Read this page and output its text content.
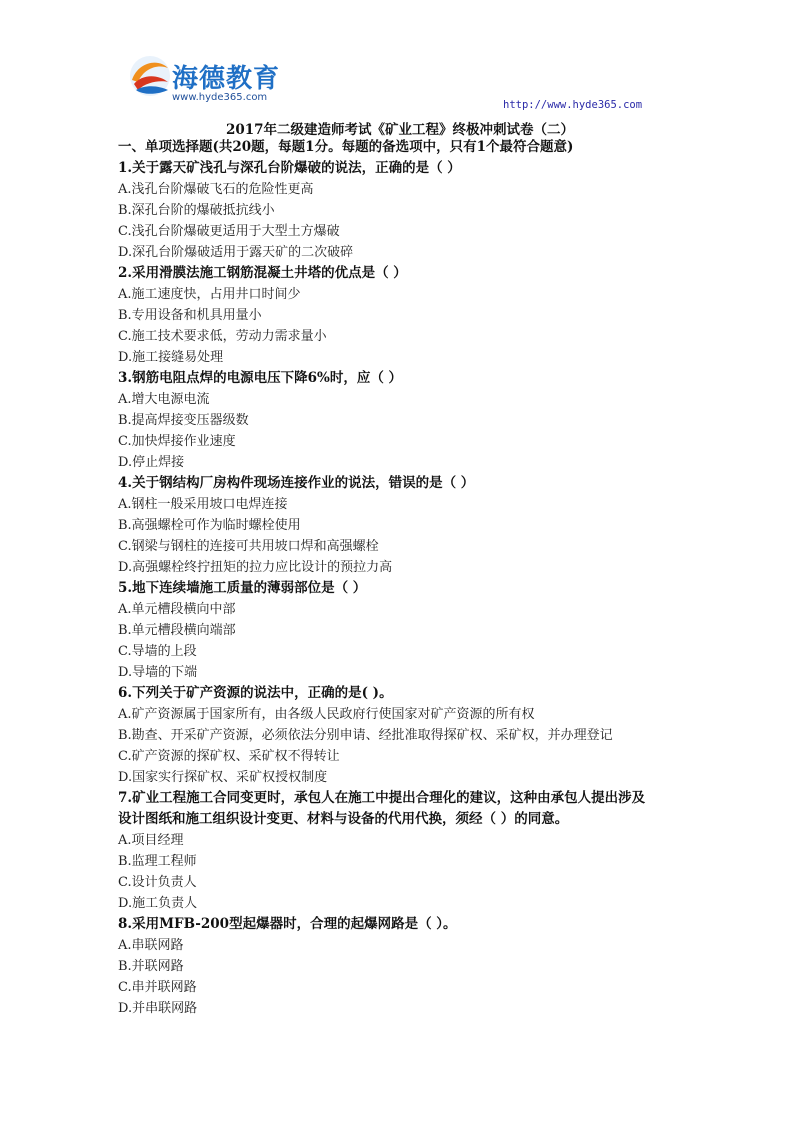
海德教育
www.hyde365.com
http://www.hyde365.com
2017年二级建造师考试《矿业工程》终极冲刺试卷（二）
一、单项选择题(共20题，每题1分。每题的备选项中，只有1个最符合题意)
1.关于露天矿浅孔与深孔台阶爆破的说法，正确的是（ ）
A.浅孔台阶爆破飞石的危险性更高
B.深孔台阶的爆破抵抗线小
C.浅孔台阶爆破更适用于大型土方爆破
D.深孔台阶爆破适用于露天矿的二次破碎
2.采用滑膜法施工钢筋混凝土井塔的优点是（ ）
A.施工速度快，占用井口时间少
B.专用设备和机具用量小
C.施工技术要求低，劳动力需求量小
D.施工接缝易处理
3.钢筋电阻点焊的电源电压下降6%时，应（ ）
A.增大电源电流
B.提高焊接变压器级数
C.加快焊接作业速度
D.停止焊接
4.关于钢结构厂房构件现场连接作业的说法，错误的是（ ）
A.钢柱一般采用坡口电焊连接
B.高强螺栓可作为临时螺栓使用
C.钢梁与钢柱的连接可共用坡口焊和高强螺栓
D.高强螺栓终拧扭矩的拉力应比设计的预拉力高
5.地下连续墙施工质量的薄弱部位是（ ）
A.单元槽段横向中部
B.单元槽段横向端部
C.导墙的上段
D.导墙的下端
6.下列关于矿产资源的说法中，正确的是( )。
A.矿产资源属于国家所有，由各级人民政府行使国家对矿产资源的所有权
B.勘查、开采矿产资源，必须依法分别申请、经批准取得探矿权、采矿权，并办理登记
C.矿产资源的探矿权、采矿权不得转让
D.国家实行探矿权、采矿权授权制度
7.矿业工程施工合同变更时，承包人在施工中提出合理化的建议，这种由承包人提出涉及
设计图纸和施工组织设计变更、材料与设备的代用代换，须经（ ）的同意。
A.项目经理
B.监理工程师
C.设计负责人
D.施工负责人
8.采用MFB-200型起爆器时，合理的起爆网路是（ ）。
A.串联网路
B.并联网路
C.串并联网路
D.并串联网路
